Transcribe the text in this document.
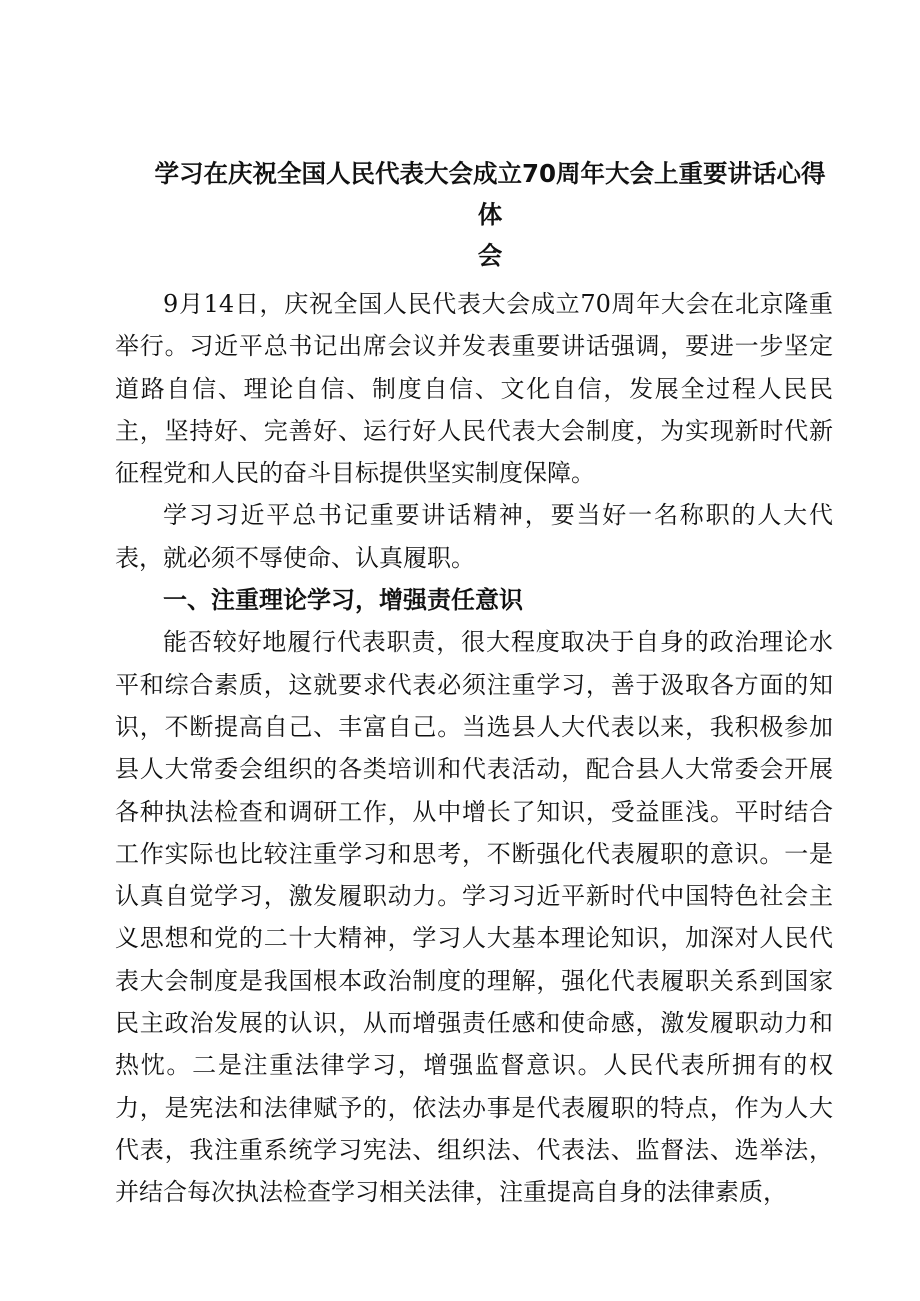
学习在庆祝全国人民代表大会成立70周年大会上重要讲话心得体
会

9月14日，庆祝全国人民代表大会成立70周年大会在北京隆重举行。习近平总书记出席会议并发表重要讲话强调，要进一步坚定道路自信、理论自信、制度自信、文化自信，发展全过程人民民主，坚持好、完善好、运行好人民代表大会制度，为实现新时代新征程党和人民的奋斗目标提供坚实制度保障。

学习习近平总书记重要讲话精神，要当好一名称职的人大代表，就必须不辱使命、认真履职。

一、注重理论学习，增强责任意识

能否较好地履行代表职责，很大程度取决于自身的政治理论水平和综合素质，这就要求代表必须注重学习，善于汲取各方面的知识，不断提高自己、丰富自己。当选县人大代表以来，我积极参加县人大常委会组织的各类培训和代表活动，配合县人大常委会开展各种执法检查和调研工作，从中增长了知识，受益匪浅。平时结合工作实际也比较注重学习和思考，不断强化代表履职的意识。一是认真自觉学习，激发履职动力。学习习近平新时代中国特色社会主义思想和党的二十大精神，学习人大基本理论知识，加深对人民代表大会制度是我国根本政治制度的理解，强化代表履职关系到国家民主政治发展的认识，从而增强责任感和使命感，激发履职动力和热忱。二是注重法律学习，增强监督意识。人民代表所拥有的权力，是宪法和法律赋予的，依法办事是代表履职的特点，作为人大代表，我注重系统学习宪法、组织法、代表法、监督法、选举法，并结合每次执法检查学习相关法律，注重提高自身的法律素质，
